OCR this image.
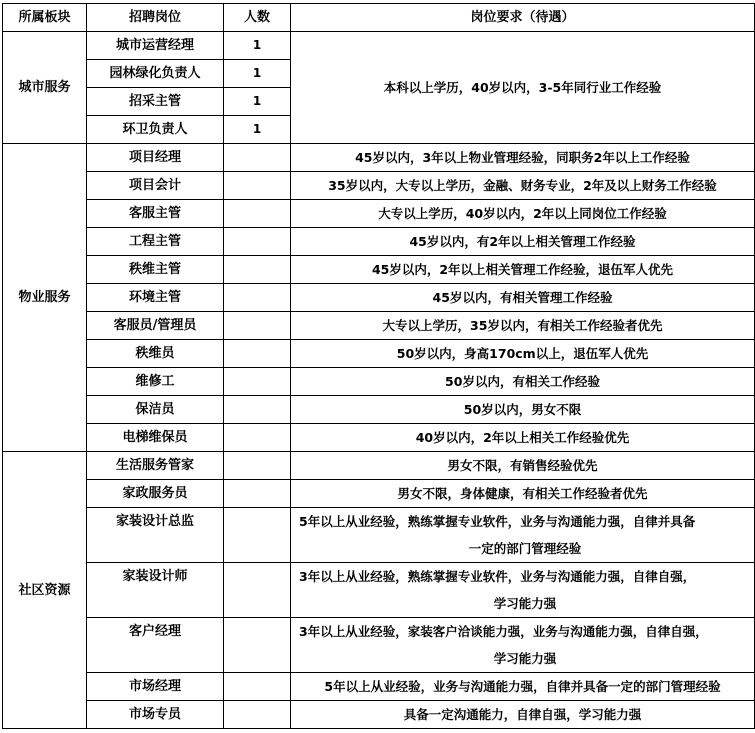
所属板块	招聘岗位	人数	岗位要求（待遇）
城市服务	城市运营经理	1	本科以上学历，40岁以内，3-5年同行业工作经验
	园林绿化负责人	1	
	招采主管	1	
	环卫负责人	1	
物业服务	项目经理		45岁以内，3年以上物业管理经验，同职务2年以上工作经验
	项目会计		35岁以内，大专以上学历，金融、财务专业，2年及以上财务工作经验
	客服主管		大专以上学历，40岁以内，2年以上同岗位工作经验
	工程主管		45岁以内，有2年以上相关管理工作经验
	秩维主管		45岁以内，2年以上相关管理工作经验，退伍军人优先
	环境主管		45岁以内，有相关管理工作经验
	客服员/管理员		大专以上学历，35岁以内，有相关工作经验者优先
	秩维员		50岁以内，身高170cm以上，退伍军人优先
	维修工		50岁以内，有相关工作经验
	保洁员		50岁以内，男女不限
	电梯维保员		40岁以内，2年以上相关工作经验优先
社区资源	生活服务管家		男女不限，有销售经验优先
	家政服务员		男女不限，身体健康，有相关工作经验者优先
	家装设计总监		5年以上从业经验，熟练掌握专业软件，业务与沟通能力强，自律并具备
一定的部门管理经验

	家装设计师		3年以上从业经验，熟练掌握专业软件，业务与沟通能力强，自律自强，
学习能力强

	客户经理		3年以上从业经验，家装客户洽谈能力强，业务与沟通能力强，自律自强，
学习能力强

	市场经理		5年以上从业经验，业务与沟通能力强，自律并具备一定的部门管理经验
	市场专员		具备一定沟通能力，自律自强，学习能力强
